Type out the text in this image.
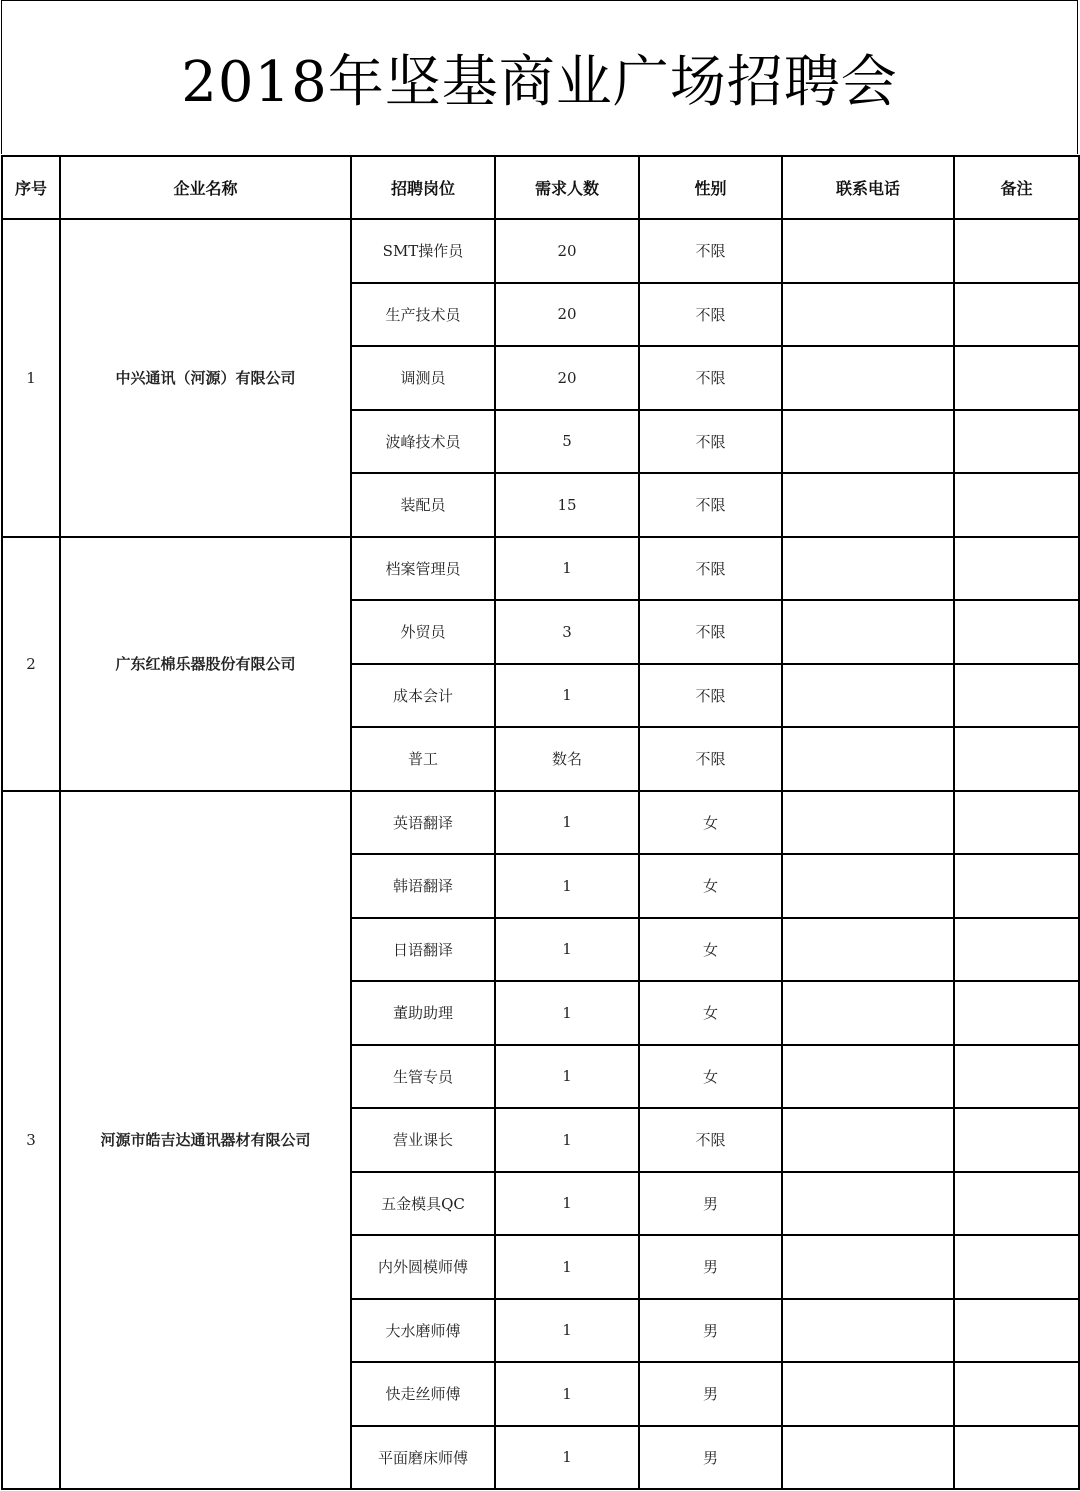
2018年坚基商业广场招聘会
序号	企业名称	招聘岗位	需求人数	性别	联系电话	备注
1	中兴通讯（河源）有限公司	SMT操作员	20	不限		
		生产技术员	20	不限		
		调测员	20	不限		
		波峰技术员	5	不限		
		装配员	15	不限		
2	广东红棉乐器股份有限公司	档案管理员	1	不限		
		外贸员	3	不限		
		成本会计	1	不限		
		普工	数名	不限		
3	河源市皓吉达通讯器材有限公司	英语翻译	1	女		
		韩语翻译	1	女		
		日语翻译	1	女		
		董助助理	1	女		
		生管专员	1	女		
		营业课长	1	不限		
		五金模具QC	1	男		
		内外圆模师傅	1	男		
		大水磨师傅	1	男		
		快走丝师傅	1	男		
		平面磨床师傅	1	男		
